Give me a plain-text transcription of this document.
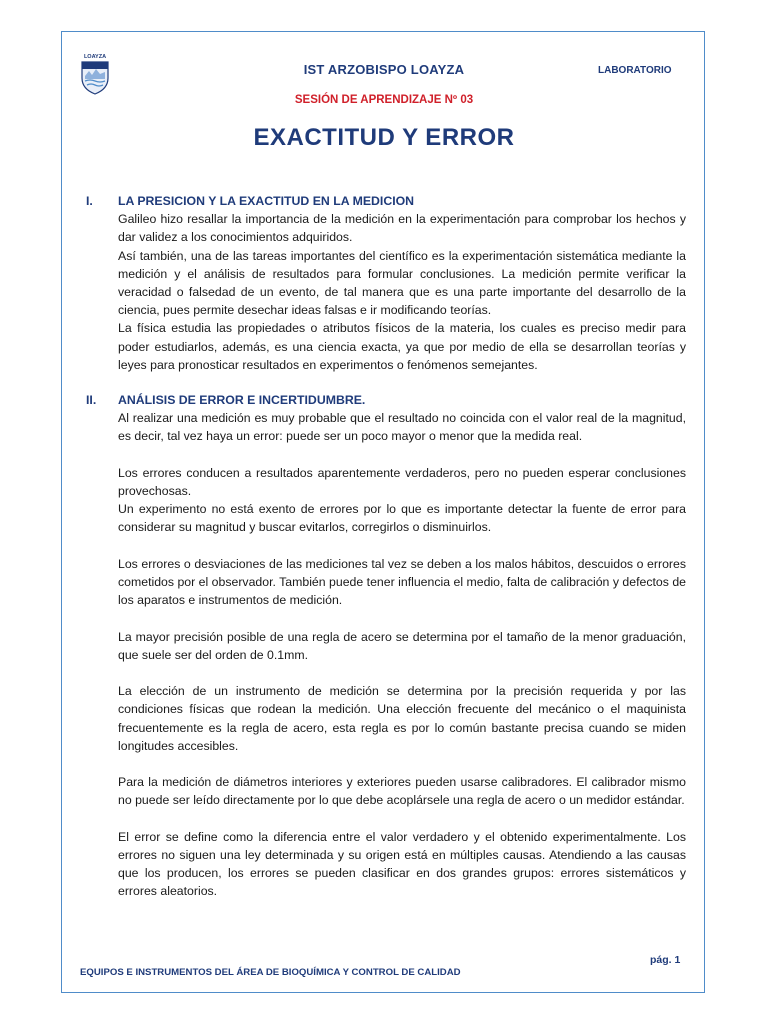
LOAYZA
IST ARZOBISPO LOAYZA	LABORATORIO
SESIÓN DE APRENDIZAJE Nº 03
EXACTITUD Y ERROR
I.	LA PRESICION Y LA EXACTITUD EN LA MEDICION

Galileo hizo resallar la importancia de la medición en la experimentación para comprobar los hechos y dar validez a los conocimientos adquiridos.

Así también, una de las tareas importantes del científico es la experimentación sistemática mediante la medición y el análisis de resultados para formular conclusiones. La medición permite verificar la veracidad o falsedad de un evento, de tal manera que es una parte importante del desarrollo de la ciencia, pues permite desechar ideas falsas e ir modificando teorías.

La física estudia las propiedades o atributos físicos de la materia, los cuales es preciso medir para poder estudiarlos, además, es una ciencia exacta, ya que por medio de ella se desarrollan teorías y leyes para pronosticar resultados en experimentos o fenómenos semejantes.

II.	ANÁLISIS DE ERROR E INCERTIDUMBRE.

Al realizar una medición es muy probable que el resultado no coincida con el valor real de la magnitud, es decir, tal vez haya un error: puede ser un poco mayor o menor que la medida real.

Los errores conducen a resultados aparentemente verdaderos, pero no pueden esperar conclusiones provechosas.

Un experimento no está exento de errores por lo que es importante detectar la fuente de error para considerar su magnitud y buscar evitarlos, corregirlos o disminuirlos.

Los errores o desviaciones de las mediciones tal vez se deben a los malos hábitos, descuidos o errores cometidos por el observador. También puede tener influencia el medio, falta de calibración y defectos de los aparatos e instrumentos de medición.

La mayor precisión posible de una regla de acero se determina por el tamaño de la menor graduación, que suele ser del orden de 0.1mm.

La elección de un instrumento de medición se determina por la precisión requerida y por las condiciones físicas que rodean la medición. Una elección frecuente del mecánico o el maquinista frecuentemente es la regla de acero, esta regla es por lo común bastante precisa cuando se miden longitudes accesibles.

Para la medición de diámetros interiores y exteriores pueden usarse calibradores. El calibrador mismo no puede ser leído directamente por lo que debe acoplársele una regla de acero o un medidor estándar.

El error se define como la diferencia entre el valor verdadero y el obtenido experimentalmente. Los errores no siguen una ley determinada y su origen está en múltiples causas. Atendiendo a las causas que los producen, los errores se pueden clasificar en dos grandes grupos: errores sistemáticos y errores aleatorios.

pág. 1
EQUIPOS E INSTRUMENTOS DEL ÁREA DE BIOQUÍMICA Y CONTROL DE CALIDAD
